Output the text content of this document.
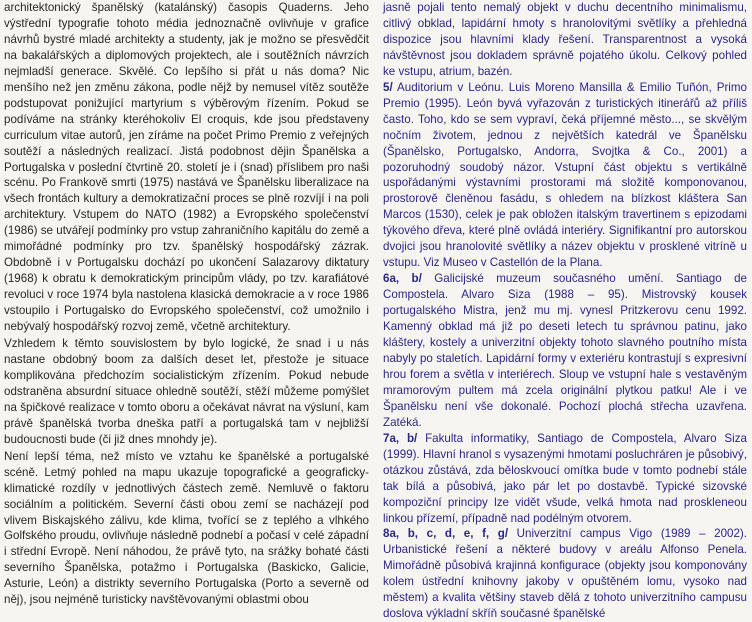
architektonický španělský (katalánský) časopis Quaderns. Jeho výstřední typografie tohoto média jednoznačně ovlivňuje v grafice návrhů bystré mladé architekty a studenty, jak je možno se přesvědčit na bakalářských a diplomových projektech, ale i soutěžních návrzích nejmladší generace. Skvělé. Co lepšího si přát u nás doma? Nic menšího než jen změnu zákona, podle nějž by nemusel vítěz soutěže podstupovat ponižující martyrium s výběrovým řízením. Pokud se podíváme na stránky kteréhokoliv El croquis, kde jsou představeny curriculum vitae autorů, jen zíráme na počet Primo Premio z veřejných soutěží a následných realizací. Jistá podobnost dějin Španělska a Portugalska v poslední čtvrtině 20. století je i (snad) příslibem pro naši scénu. Po Frankově smrti (1975) nastává ve Španělsku liberalizace na všech frontách kultury a demokratizační proces se plně rozvíjí i na poli architektury. Vstupem do NATO (1982) a Evropského společenství (1986) se utvářejí podmínky pro vstup zahraničního kapitálu do země a mimořádné podmínky pro tzv. španělský hospodářský zázrak. Obdobně i v Portugalsku dochází po ukončení Salazarovy diktatury (1968) k obratu k demokratickým principům vlády, po tzv. karafiátové revoluci v roce 1974 byla nastolena klasická demokracie a v roce 1986 vstoupilo i Portugalsko do Evropského společenství, což umožnilo i nebývalý hospodářský rozvoj země, včetně architektury.

Vzhledem k těmto souvislostem by bylo logické, že snad i u nás nastane obdobný boom za dalších deset let, přestože je situace komplikována předchozím socialistickým zřízením. Pokud nebude odstraněna absurdní situace ohledně soutěží, stěží můžeme pomýšlet na špičkové realizace v tomto oboru a očekávat návrat na výsluní, kam právě španělská tvorba dneška patří a portugalská tam v nejbližší budoucnosti bude (či již dnes mnohdy je).

Není lepší téma, než místo ve vztahu ke španělské a portugalské scéně. Letmý pohled na mapu ukazuje topografické a geograficky-klimatické rozdíly v jednotlivých částech země. Nemluvě o faktoru sociálním a politickém. Severní části obou zemí se nacházejí pod vlivem Biskajského zálivu, kde klima, tvořící se z teplého a vlhkého Golfského proudu, ovlivňuje následně podnebí a počasí v celé západní i střední Evropě. Není náhodou, že právě tyto, na srážky bohaté části severního Španělska, potažmo i Portugalska (Baskicko, Galicie, Asturie, León) a distrikty severního Portugalska (Porto a severně od něj), jsou nejméně turisticky navštěvovanými oblastmi obou

jasně pojali tento nemalý objekt v duchu decentního minimalismu, citlivý obklad, lapidární hmoty s hranolovitými světlíky a přehledná dispozice jsou hlavními klady řešení. Transparentnost a vysoká návštěvnost jsou dokladem správně pojatého úkolu. Celkový pohled ke vstupu, atrium, bazén.

5/ Auditorium v Leónu. Luis Moreno Mansilla & Emilio Tuñón, Primo Premio (1995). León byvá vyřazován z turistických itinerářů až příliš často. Toho, kdo se sem vypraví, čeká příjemné město..., se skvělým nočním životem, jednou z největších katedrál ve Španělsku (Španělsko, Portugalsko, Andorra, Svojtka & Co., 2001) a pozoruhodný soudobý názor. Vstupní část objektu s vertikálně uspořádanými výstavními prostorami má složitě komponovanou, prostorově členěnou fasádu, s ohledem na blízkost kláštera San Marcos (1530), celek je pak obložen italským travertinem s epizodami týkového dřeva, které plně ovládá interiéry. Signifikantní pro autorskou dvojici jsou hranolovité světlíky a název objektu v prosklené vitríně u vstupu. Viz Museo v Castellón de la Plana.

6a, b/ Galicijské muzeum současného umění. Santiago de Compostela. Alvaro Siza (1988 – 95). Mistrovský kousek portugalského Mistra, jenž mu mj. vynesl Pritzkerovu cenu 1992. Kamenný obklad má již po deseti letech tu správnou patinu, jako kláštery, kostely a univerzitní objekty tohoto slavného poutního místa nabyly po staletích. Lapidární formy v exteriéru kontrastují s expresivní hrou forem a světla v interiérech. Sloup ve vstupní hale s vestavěným mramorovým pultem má zcela originální plytkou patku! Ale i ve Španělsku není vše dokonalé. Pochozí plochá střecha uzavřena. Zatéká.

7a, b/ Fakulta informatiky, Santiago de Compostela, Alvaro Siza (1999). Hlavní hranol s vysazenými hmotami posluchráren je působivý, otázkou zůstává, zda běloskvoucí omítka bude v tomto podnebí stále tak bílá a působivá, jako pár let po dostavbě. Typické sizovské kompoziční principy lze vidět všude, velká hmota nad proskleneou linkou přízemí, případně nad podélným otvorem.

8a, b, c, d, e, f, g/ Univerzitní campus Vigo (1989 – 2002). Urbanistické řešení a některé budovy v areálu Alfonso Penela. Mimořádně působivá krajinná konfigurace (objekty jsou komponovány kolem ústřední knihovny jakoby v opuštěném lomu, vysoko nad městem) a kvalita většiny staveb dělá z tohoto univerzitního campusu doslova výkladní skříň současné španělské
